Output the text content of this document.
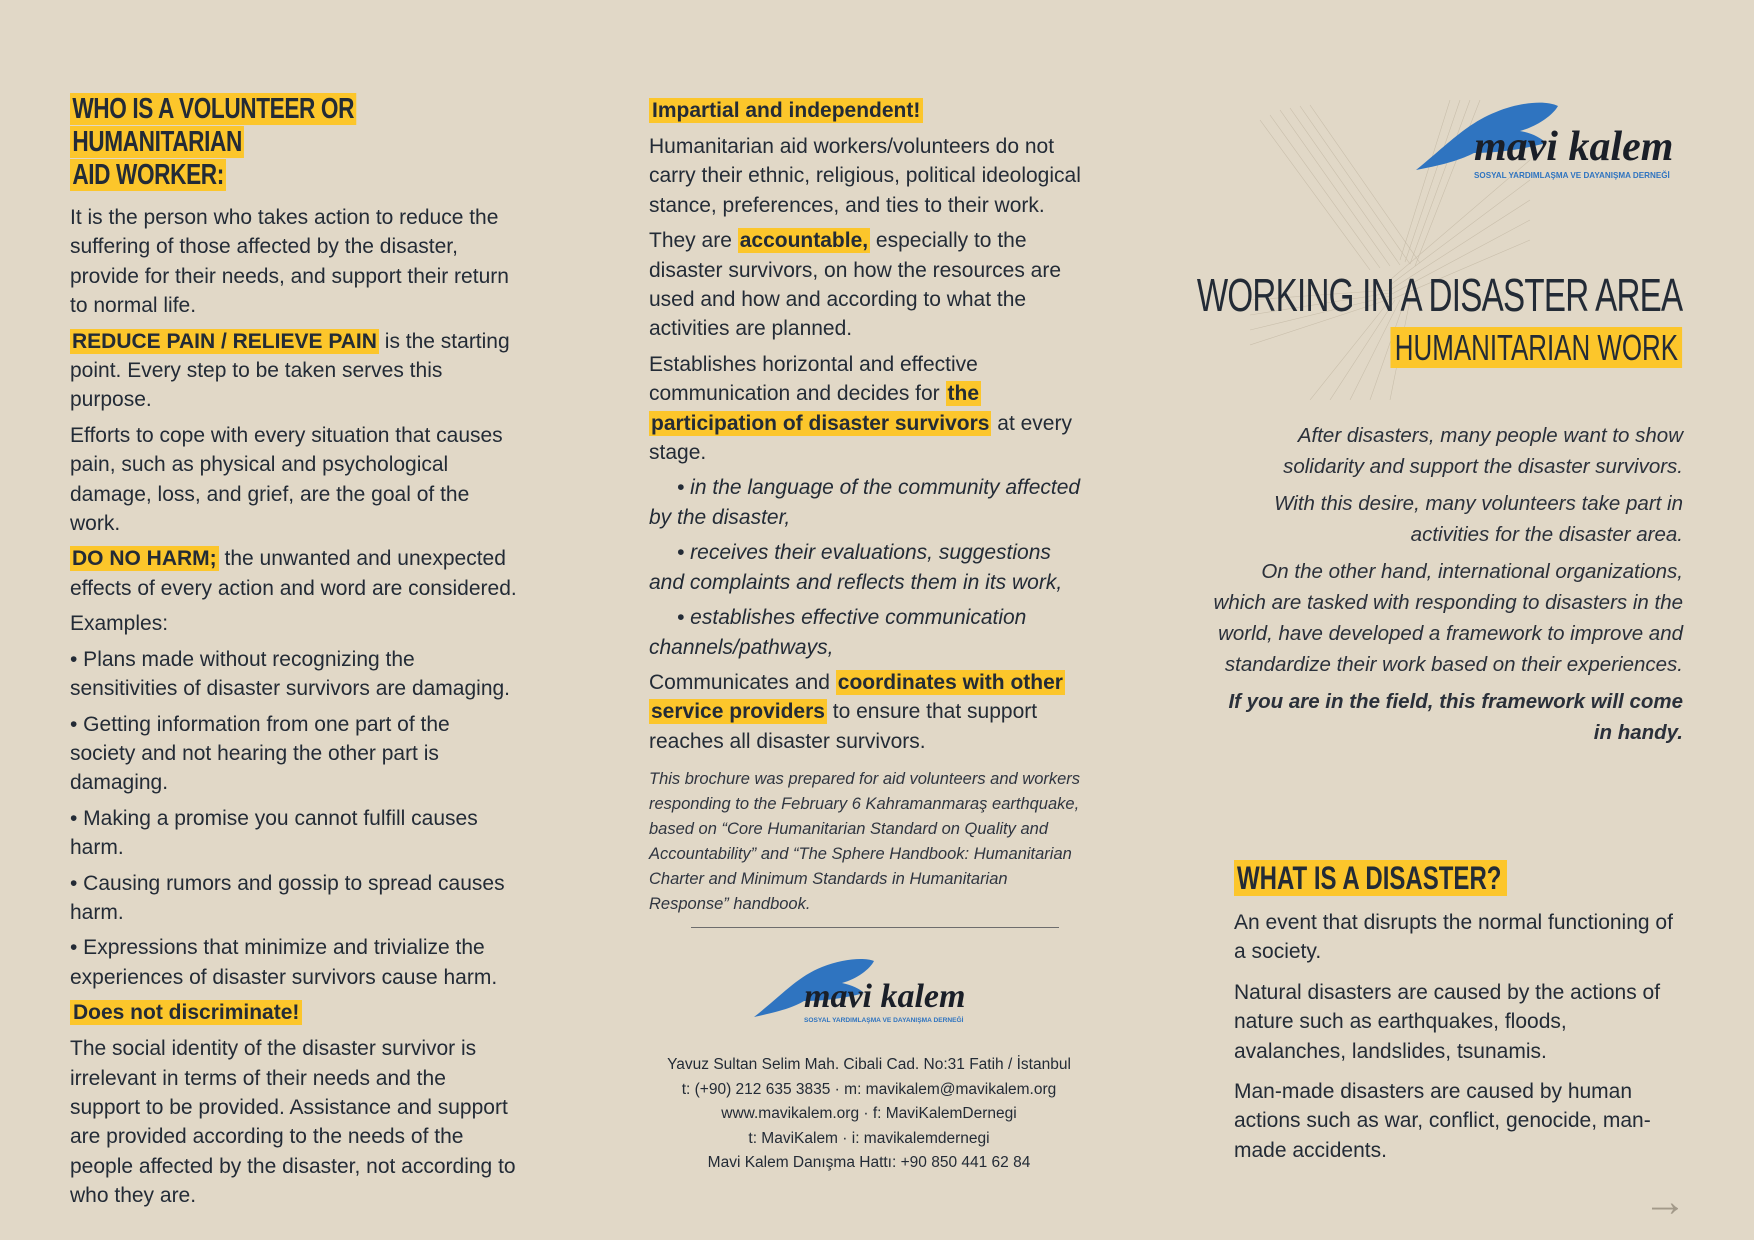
WHO IS A VOLUNTEER OR HUMANITARIAN
AID WORKER:

It is the person who takes action to reduce the suffering of those affected by the disaster, provide for their needs, and support their return to normal life.

REDUCE PAIN / RELIEVE PAIN is the starting point. Every step to be taken serves this purpose.

Efforts to cope with every situation that causes pain, such as physical and psychological damage, loss, and grief, are the goal of the work.

DO NO HARM; the unwanted and unexpected effects of every action and word are considered.

Examples:

• Plans made without recognizing the sensitivities of disaster survivors are damaging.

• Getting information from one part of the society and not hearing the other part is damaging.

• Making a promise you cannot fulfill causes harm.

• Causing rumors and gossip to spread causes harm.

• Expressions that minimize and trivialize the experiences of disaster survivors cause harm.

Does not discriminate!

The social identity of the disaster survivor is irrelevant in terms of their needs and the support to be provided. Assistance and support are provided according to the needs of the people affected by the disaster, not according to who they are.

Impartial and independent!

Humanitarian aid workers/volunteers do not carry their ethnic, religious, political ideological stance, preferences, and ties to their work.

They are accountable, especially to the disaster survivors, on how the resources are used and how and according to what the activities are planned.

Establishes horizontal and effective communication and decides for the participation of disaster survivors at every stage.

• in the language of the community affected by the disaster,

• receives their evaluations, suggestions and complaints and reflects them in its work,

• establishes effective communication channels/pathways,

Communicates and coordinates with other service providers to ensure that support reaches all disaster survivors.

This brochure was prepared for aid volunteers and workers responding to the February 6 Kahramanmaraş earthquake, based on “Core Humanitarian Standard on Quality and Accountability” and “The Sphere Handbook: Humanitarian Charter and Minimum Standards in Humanitarian Response” handbook.

mavi kalem
SOSYAL YARDIMLAŞMA VE DAYANIŞMA DERNEĞİ
Yavuz Sultan Selim Mah. Cibali Cad. No:31 Fatih / İstanbul
t: (+90) 212 635 3835 · m: mavikalem@mavikalem.org
www.mavikalem.org · f: MaviKalemDernegi
t: MaviKalem · i: mavikalemdernegi
Mavi Kalem Danışma Hattı: +90 850 441 62 84
mavi kalem
SOSYAL YARDIMLAŞMA VE DAYANIŞMA DERNEĞİ
WORKING IN A DISASTER AREA
HUMANITARIAN WORK

After disasters, many people want to show solidarity and support the disaster survivors.

With this desire, many volunteers take part in activities for the disaster area.

On the other hand, international organizations, which are tasked with responding to disasters in the world, have developed a framework to improve and standardize their work based on their experiences.

If you are in the field, this framework will come in handy.

WHAT IS A DISASTER?

An event that disrupts the normal functioning of a society.

Natural disasters are caused by the actions of nature such as earthquakes, floods, avalanches, landslides, tsunamis.

Man-made disasters are caused by human actions such as war, conflict, genocide, man-made accidents.

→
